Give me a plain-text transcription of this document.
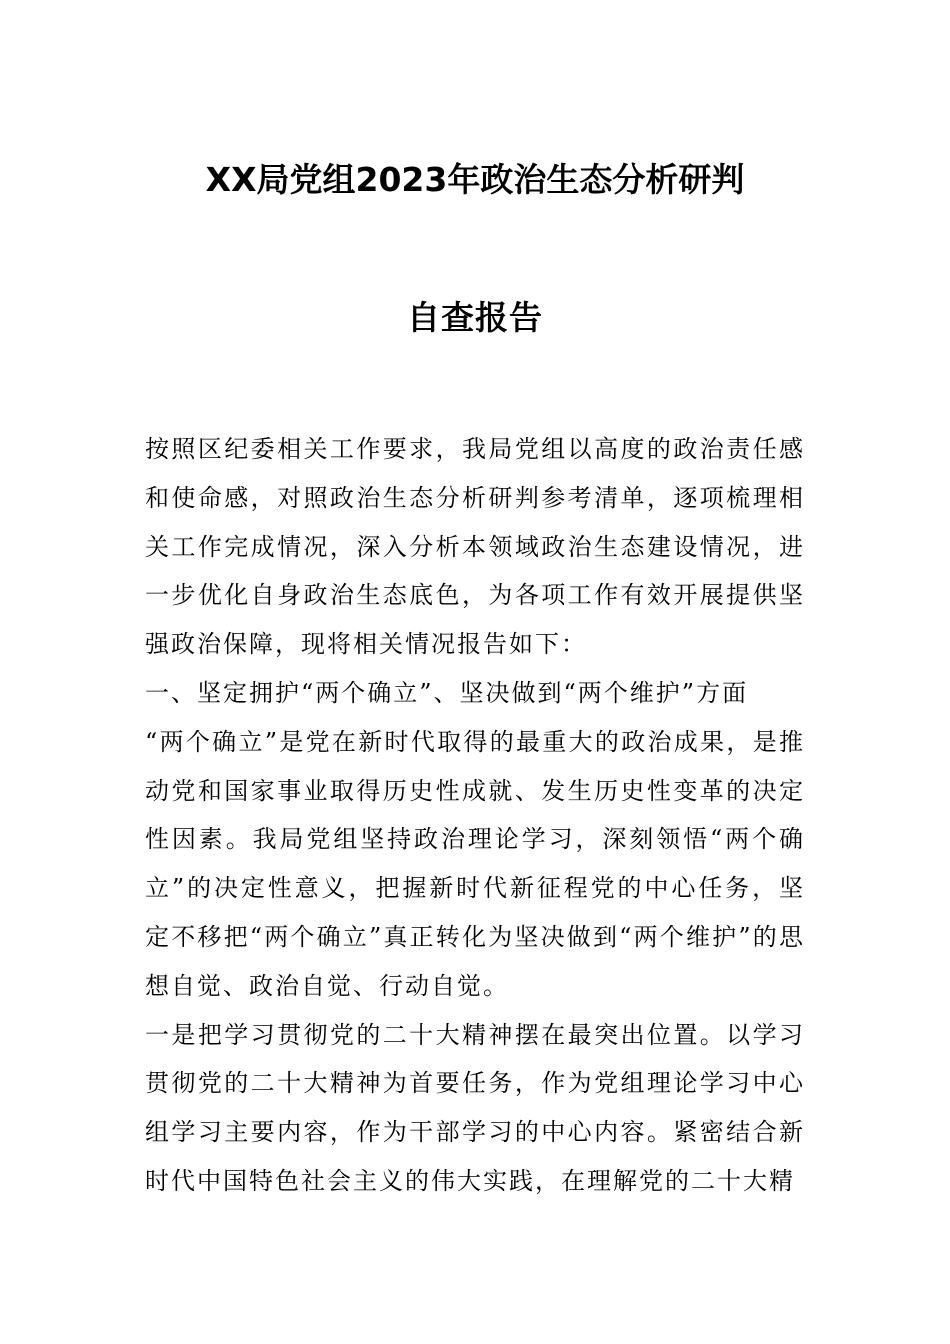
XX局党组2023年政治生态分析研判
自查报告

按照区纪委相关工作要求，我局党组以高度的政治责任感和使命感，对照政治生态分析研判参考清单，逐项梳理相关工作完成情况，深入分析本领域政治生态建设情况，进一步优化自身政治生态底色，为各项工作有效开展提供坚强政治保障，现将相关情况报告如下：

一、坚定拥护“两个确立”、坚决做到“两个维护”方面

“两个确立”是党在新时代取得的最重大的政治成果，是推动党和国家事业取得历史性成就、发生历史性变革的决定性因素。我局党组坚持政治理论学习，深刻领悟“两个确立”的决定性意义，把握新时代新征程党的中心任务，坚定不移把“两个确立”真正转化为坚决做到“两个维护”的思想自觉、政治自觉、行动自觉。

一是把学习贯彻党的二十大精神摆在最突出位置。以学习贯彻党的二十大精神为首要任务，作为党组理论学习中心组学习主要内容，作为干部学习的中心内容。紧密结合新时代中国特色社会主义的伟大实践，在理解党的二十大精
